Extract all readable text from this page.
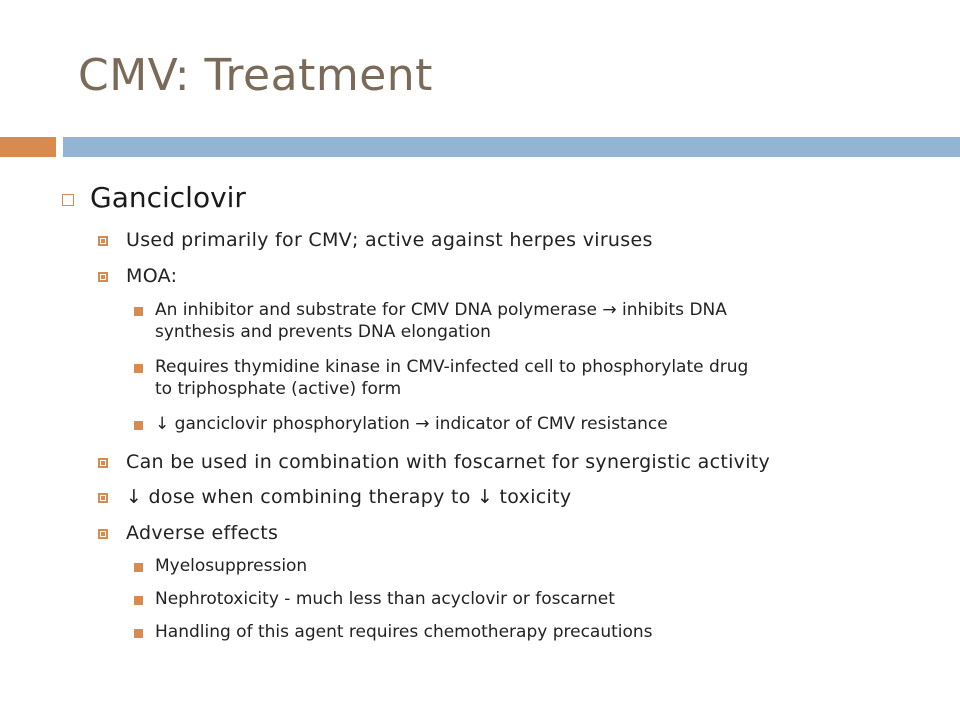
CMV: Treatment
Ganciclovir
Used primarily for CMV; active against herpes viruses
MOA:
An inhibitor and substrate for CMV DNA polymerase → inhibits DNA
synthesis and prevents DNA elongation
Requires thymidine kinase in CMV-infected cell to phosphorylate drug
to triphosphate (active) form
↓ ganciclovir phosphorylation → indicator of CMV resistance
Can be used in combination with foscarnet for synergistic activity
↓ dose when combining therapy to ↓ toxicity
Adverse effects
Myelosuppression
Nephrotoxicity - much less than acyclovir or foscarnet
Handling of this agent requires chemotherapy precautions
